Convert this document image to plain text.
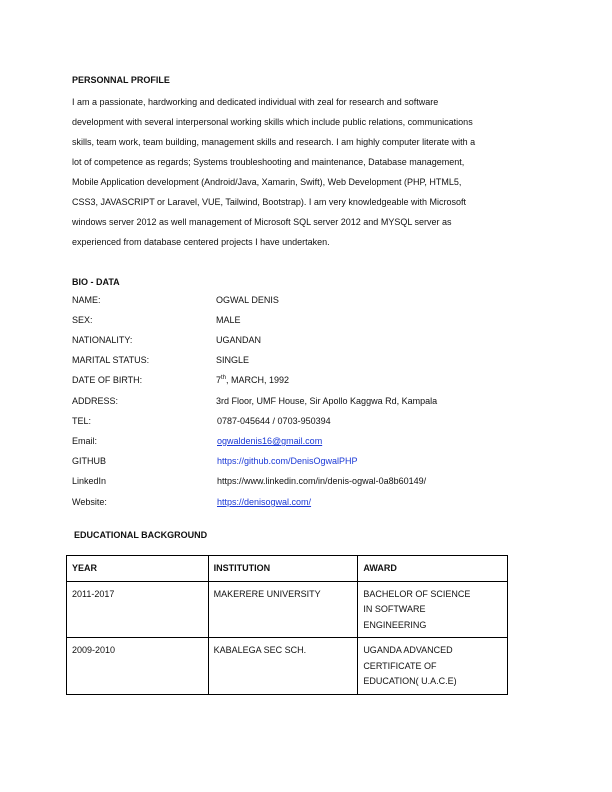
PERSONNAL PROFILE
I am a passionate, hardworking and dedicated individual with zeal for research and software
development with several interpersonal working skills which include public relations, communications
skills, team work, team building, management skills and research. I am highly computer literate with a
lot of competence as regards; Systems troubleshooting and maintenance, Database management,
Mobile Application development (Android/Java, Xamarin, Swift), Web Development (PHP, HTML5,
CSS3, JAVASCRIPT or Laravel, VUE, Tailwind, Bootstrap). I am very knowledgeable with Microsoft
windows server 2012 as well management of Microsoft SQL server 2012 and MYSQL server as
experienced from database centered projects I have undertaken.
BIO - DATA
NAME:	OGWAL DENIS
SEX:	MALE
NATIONALITY:	UGANDAN
MARITAL STATUS:	SINGLE
DATE OF BIRTH:	7th, MARCH, 1992
ADDRESS:	3rd Floor, UMF House, Sir Apollo Kaggwa Rd, Kampala
TEL:	0787-045644 / 0703-950394
Email:	ogwaldenis16@gmail.com
GITHUB	https://github.com/DenisOgwalPHP
LinkedIn	https://www.linkedin.com/in/denis-ogwal-0a8b60149/
Website:	https://denisogwal.com/
EDUCATIONAL BACKGROUND
YEAR	INSTITUTION	AWARD
2011-2017	MAKERERE UNIVERSITY	BACHELOR OF SCIENCE
IN SOFTWARE
ENGINEERING

2009-2010	KABALEGA SEC SCH.	UGANDA ADVANCED
CERTIFICATE OF
EDUCATION( U.A.C.E)
